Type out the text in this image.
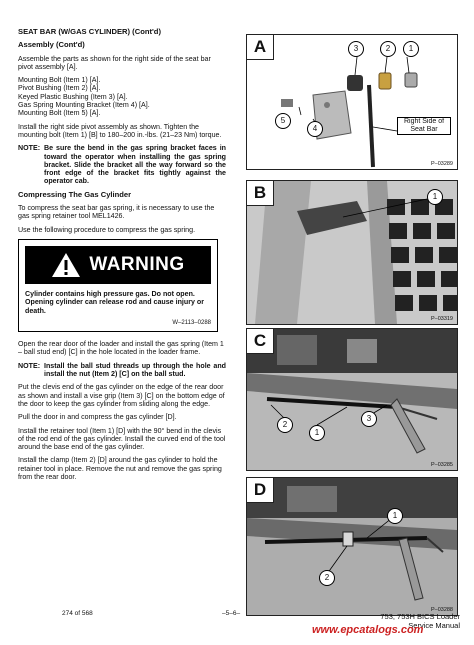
SEAT BAR (W/GAS CYLINDER) (Cont'd)

Assembly (Cont'd)

Assemble the parts as shown for the right side of the seat bar pivot assembly [A].

Mounting Bolt (Item 1) [A].
Pivot Bushing (Item 2) [A].
Keyed Plastic Bushing (Item 3) [A].
Gas Spring Mounting Bracket (Item 4) [A].
Mounting Bolt (Item 5) [A].

Install the right side pivot assembly as shown. Tighten the mounting bolt (Item 1) [B] to 180–200 in.-lbs. (21–23 Nm) torque.

NOTE: Be sure the bend in the gas spring bracket faces in toward the operator when installing the gas spring bracket. Slide the bracket all the way forward so the front edge of the bracket fits tightly against the operator cab.

Compressing The Gas Cylinder

To compress the seat bar gas spring, it is necessary to use the gas spring retainer tool MEL1426.

Use the following procedure to compress the gas spring.

WARNING
Cylinder contains high pressure gas. Do not open. Opening cylinder can release rod and cause injury or death.
W–2113–0288

Open the rear door of the loader and install the gas spring (Item 1 – ball stud end) [C] in the hole located in the loader frame.

NOTE: Install the ball stud threads up through the hole and install the nut (Item 2) [C] on the ball stud.

Put the clevis end of the gas cylinder on the edge of the rear door as shown and install a vise grip (Item 3) [C] on the bottom edge of the door to keep the gas cylinder from sliding along the edge.

Pull the door in and compress the gas cylinder [D].

Install the retainer tool (Item 1) [D] with the 90° bend in the clevis of the rod end of the gas cylinder. Install the curved end of the tool around the base end of the gas cylinder.

Install the clamp (Item 2) [D] around the gas cylinder to hold the retainer tool in place. Remove the nut and remove the gas spring from the rear door.

A	3	2	1
5
4
Right Side of Seat Bar
P–03289
B	1
P–03319
C
2
1
3
P–03285
D
1
2
P–03288
274 of 568	–5–6–	753, 753H BICS Loader
Service Manual
www.epcatalogs.com
